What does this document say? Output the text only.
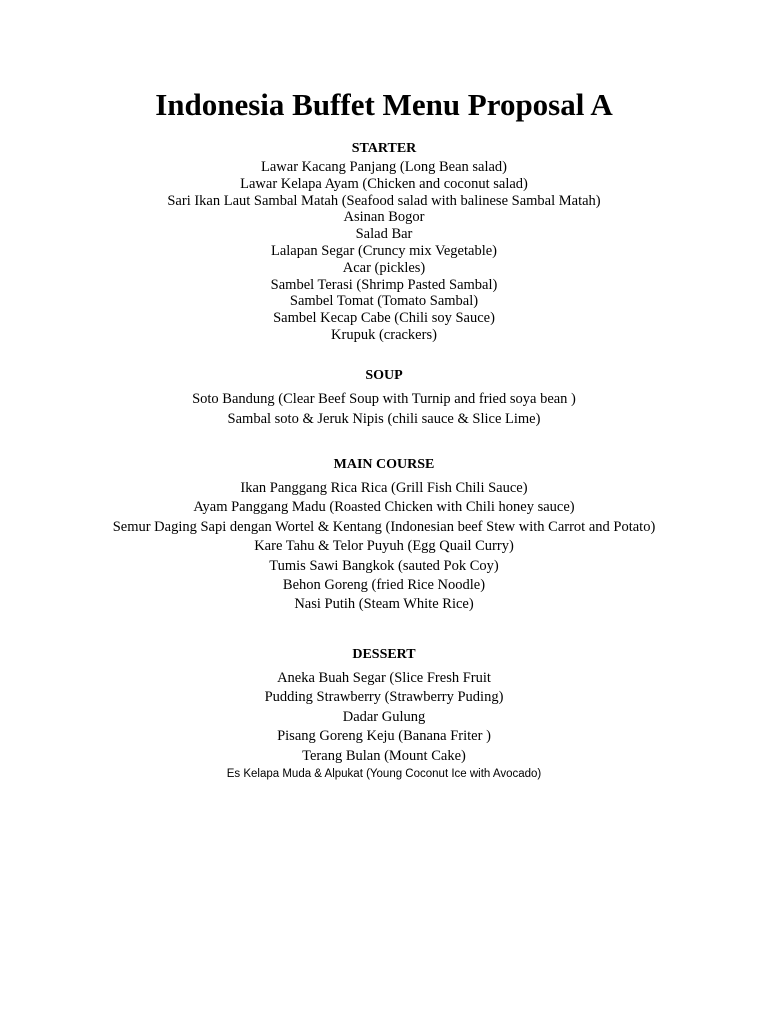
Indonesia Buffet Menu Proposal A
STARTER
Lawar Kacang Panjang (Long Bean salad)
Lawar Kelapa Ayam (Chicken and coconut salad)
Sari Ikan Laut Sambal Matah (Seafood salad with balinese Sambal Matah)
Asinan Bogor
Salad Bar
Lalapan Segar (Cruncy mix Vegetable)
Acar (pickles)
Sambel Terasi (Shrimp Pasted Sambal)
Sambel Tomat (Tomato Sambal)
Sambel Kecap Cabe (Chili soy Sauce)
Krupuk (crackers)
SOUP
Soto Bandung (Clear Beef Soup with Turnip and fried soya bean )
Sambal soto & Jeruk Nipis (chili sauce & Slice Lime)
MAIN COURSE
Ikan Panggang Rica Rica (Grill Fish Chili Sauce)
Ayam Panggang Madu (Roasted Chicken with Chili honey sauce)
Semur Daging Sapi dengan Wortel & Kentang (Indonesian beef Stew with Carrot and Potato)
Kare Tahu & Telor Puyuh (Egg Quail Curry)
Tumis Sawi Bangkok (sauted Pok Coy)
Behon Goreng (fried Rice Noodle)
Nasi Putih (Steam White Rice)
DESSERT
Aneka Buah Segar (Slice Fresh Fruit
Pudding Strawberry (Strawberry Puding)
Dadar Gulung
Pisang Goreng Keju (Banana Friter )
Terang Bulan (Mount Cake)
Es Kelapa Muda & Alpukat (Young Coconut Ice with Avocado)
